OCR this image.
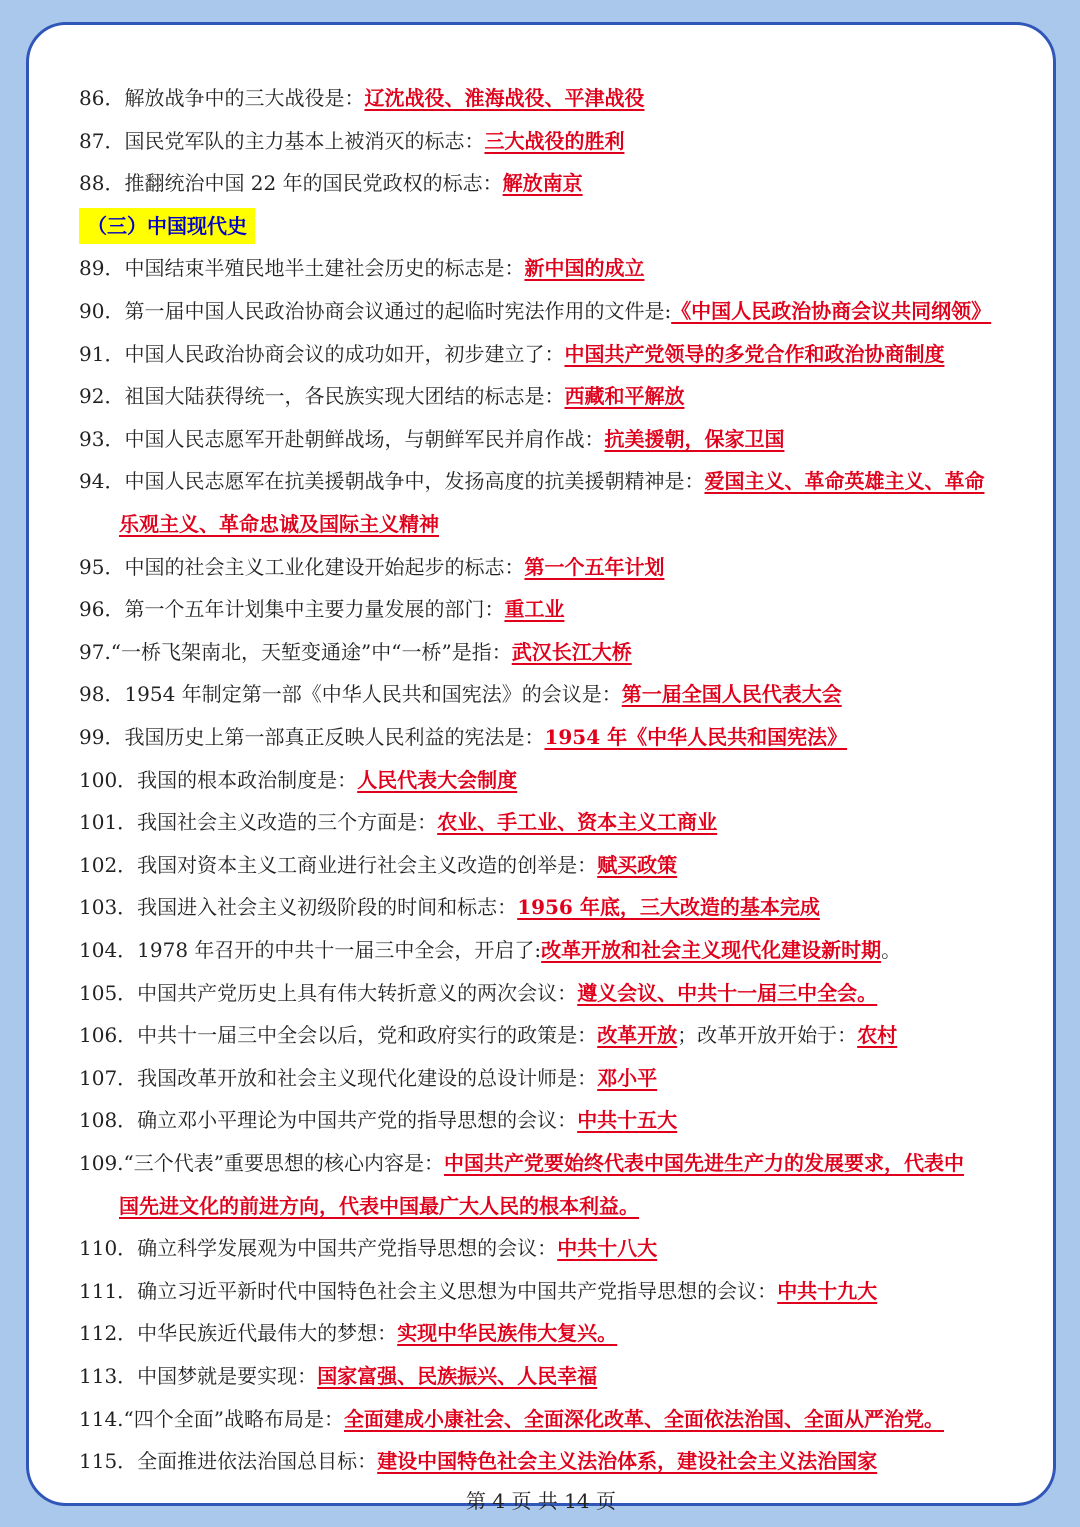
86．解放战争中的三大战役是：辽沈战役、淮海战役、平津战役
87．国民党军队的主力基本上被消灭的标志：三大战役的胜利
88．推翻统治中国 22 年的国民党政权的标志：解放南京
（三）中国现代史
89．中国结束半殖民地半土建社会历史的标志是：新中国的成立
90．第一届中国人民政治协商会议通过的起临时宪法作用的文件是:《中国人民政治协商会议共同纲领》
91．中国人民政治协商会议的成功如开，初步建立了：中国共产党领导的多党合作和政治协商制度
92．祖国大陆获得统一，各民族实现大团结的标志是：西藏和平解放
93．中国人民志愿军开赴朝鲜战场，与朝鲜军民并肩作战：抗美援朝，保家卫国
94．中国人民志愿军在抗美援朝战争中，发扬高度的抗美援朝精神是：爱国主义、革命英雄主义、革命
乐观主义、革命忠诚及国际主义精神
95．中国的社会主义工业化建设开始起步的标志：第一个五年计划
96．第一个五年计划集中主要力量发展的部门：重工业
97.“一桥飞架南北，天堑变通途”中“一桥”是指：武汉长江大桥
98．1954 年制定第一部《中华人民共和国宪法》的会议是：第一届全国人民代表大会
99．我国历史上第一部真正反映人民利益的宪法是：1954 年《中华人民共和国宪法》
100．我国的根本政治制度是：人民代表大会制度
101．我国社会主义改造的三个方面是：农业、手工业、资本主义工商业
102．我国对资本主义工商业进行社会主义改造的创举是：赋买政策
103．我国进入社会主义初级阶段的时间和标志：1956 年底，三大改造的基本完成
104．1978 年召开的中共十一届三中全会，开启了:改革开放和社会主义现代化建设新时期。
105．中国共产党历史上具有伟大转折意义的两次会议：遵义会议、中共十一届三中全会。
106．中共十一届三中全会以后，党和政府实行的政策是：改革开放；改革开放开始于：农村
107．我国改革开放和社会主义现代化建设的总设计师是：邓小平
108．确立邓小平理论为中国共产党的指导思想的会议：中共十五大
109.“三个代表”重要思想的核心内容是：中国共产党要始终代表中国先进生产力的发展要求，代表中
国先进文化的前进方向，代表中国最广大人民的根本利益。
110．确立科学发展观为中国共产党指导思想的会议：中共十八大
111．确立习近平新时代中国特色社会主义思想为中国共产党指导思想的会议：中共十九大
112．中华民族近代最伟大的梦想：实现中华民族伟大复兴。
113．中国梦就是要实现：国家富强、民族振兴、人民幸福
114.“四个全面”战略布局是：全面建成小康社会、全面深化改革、全面依法治国、全面从严治党。
115．全面推进依法治国总目标：建设中国特色社会主义法治体系，建设社会主义法治国家
第 4 页 共 14 页
